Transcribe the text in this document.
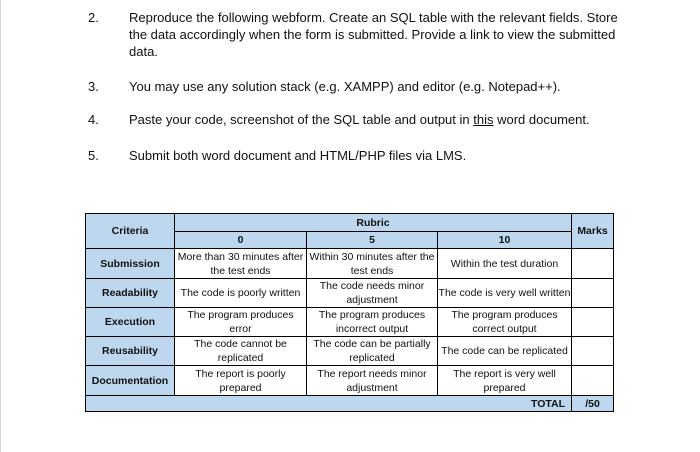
2.	Reproduce the following webform. Create an SQL table with the relevant fields. Store the data accordingly when the form is submitted. Provide a link to view the submitted data.
3.	You may use any solution stack (e.g. XAMPP) and editor (e.g. Notepad++).
4.	Paste your code, screenshot of the SQL table and output in this word document.
5.	Submit both word document and HTML/PHP files via LMS.
Criteria	Rubric			Marks
	0	5	10	
Submission	More than 30 minutes after the test ends	Within 30 minutes after the test ends	Within the test duration	
Readability	The code is poorly written	The code needs minor adjustment	The code is very well written	
Execution	The program produces error	The program produces incorrect output	The program produces correct output	
Reusability	The code cannot be replicated	The code can be partially replicated	The code can be replicated	
Documentation	The report is poorly prepared	The report needs minor adjustment	The report is very well prepared	
TOTAL				/50
